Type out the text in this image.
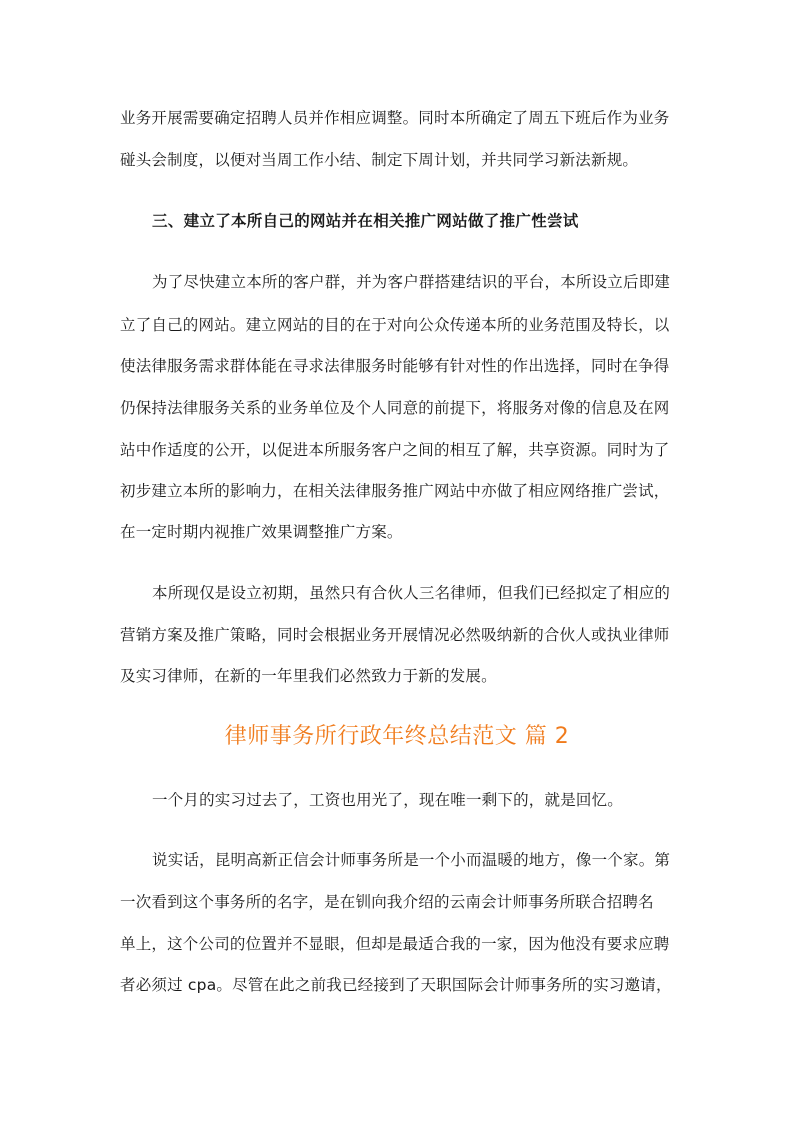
业务开展需要确定招聘人员并作相应调整。同时本所确定了周五下班后作为业务
碰头会制度，以便对当周工作小结、制定下周计划，并共同学习新法新规。
三、建立了本所自己的网站并在相关推广网站做了推广性尝试
为了尽快建立本所的客户群，并为客户群搭建结识的平台，本所设立后即建
立了自己的网站。建立网站的目的在于对向公众传递本所的业务范围及特长，以
使法律服务需求群体能在寻求法律服务时能够有针对性的作出选择，同时在争得
仍保持法律服务关系的业务单位及个人同意的前提下，将服务对像的信息及在网
站中作适度的公开，以促进本所服务客户之间的相互了解，共享资源。同时为了
初步建立本所的影响力，在相关法律服务推广网站中亦做了相应网络推广尝试，
在一定时期内视推广效果调整推广方案。
本所现仅是设立初期，虽然只有合伙人三名律师，但我们已经拟定了相应的
营销方案及推广策略，同时会根据业务开展情况必然吸纳新的合伙人或执业律师
及实习律师，在新的一年里我们必然致力于新的发展。
律师事务所行政年终总结范文 篇 2
一个月的实习过去了，工资也用光了，现在唯一剩下的，就是回忆。
说实话，昆明高新正信会计师事务所是一个小而温暖的地方，像一个家。第
一次看到这个事务所的名字，是在钏向我介绍的云南会计师事务所联合招聘名
单上，这个公司的位置并不显眼，但却是最适合我的一家，因为他没有要求应聘
者必须过 cpa。尽管在此之前我已经接到了天职国际会计师事务所的实习邀请，
